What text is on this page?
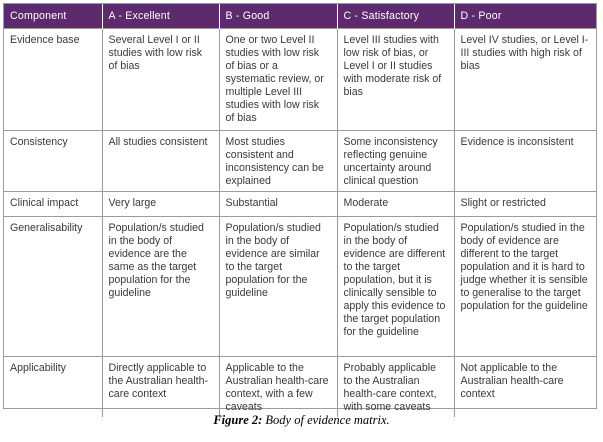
Component	A - Excellent	B - Good	C - Satisfactory	D - Poor
Evidence base	Several Level I or II studies with low risk of bias	One or two Level II studies with low risk of bias or a systematic review, or multiple Level III studies with low risk of bias	Level III studies with low risk of bias, or Level I or II studies with moderate risk of bias	Level IV studies, or Level I-III studies with high risk of bias
Consistency	All studies consistent	Most studies consistent and inconsistency can be explained	Some inconsistency reflecting genuine uncertainty around clinical question	Evidence is inconsistent
Clinical impact	Very large	Substantial	Moderate	Slight or restricted
Generalisability	Population/s studied in the body of evidence are the same as the target population for the guideline	Population/s studied in the body of evidence are similar to the target population for the guideline	Population/s studied in the body of evidence are different to the target population, but it is clinically sensible to apply this evidence to the target population for the guideline	Population/s studied in the body of evidence are different to the target population and it is hard to judge whether it is sensible to generalise to the target population for the guideline
Applicability	Directly applicable to the Australian health-care context	Applicable to the Australian health-care context, with a few caveats	Probably applicable to the Australian health-care context, with some caveats	Not applicable to the Australian health-care context
Figure 2: Body of evidence matrix.
